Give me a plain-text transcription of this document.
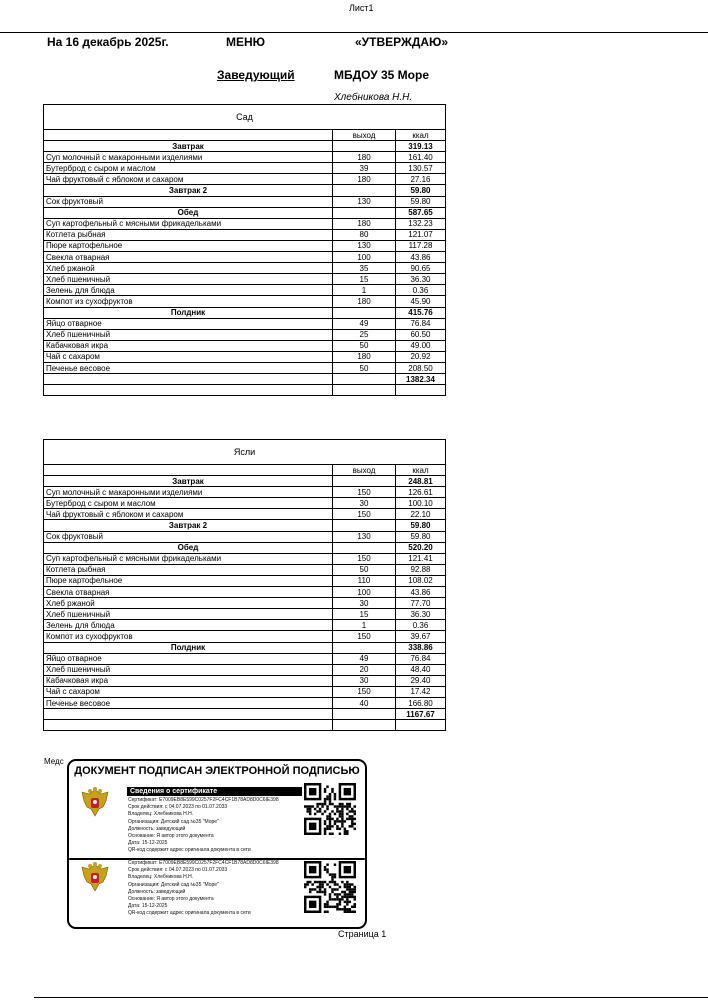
Лист1
На 16 декабрь 2025г.	МЕНЮ	«УТВЕРЖДАЮ»
Заведующий	МБДОУ 35 Море
Хлебникова Н.Н.
Сад		
	выход	ккал
Завтрак		319.13
Суп молочный с макаронными изделиями	180	161.40
Бутерброд с сыром и маслом	39	130.57
Чай фруктовый с яблоком и сахаром	180	27.16
Завтрак 2		59.80
Сок фруктовый	130	59.80
Обед		587.65
Суп картофельный с мясными фрикадельками	180	132.23
Котлета рыбная	80	121.07
Пюре картофельное	130	117.28
Свекла отварная	100	43.86
Хлеб ржаной	35	90.65
Хлеб пшеничный	15	36.30
Зелень для блюда	1	0.36
Компот из сухофруктов	180	45.90
Полдник		415.76
Яйцо отварное	49	76.84
Хлеб пшеничный	25	60.50
Кабачковая икра	50	49.00
Чай с сахаром	180	20.92
Печенье весовое	50	208.50
		1382.34

Ясли		
	выход	ккал
Завтрак		248.81
Суп молочный с макаронными изделиями	150	126.61
Бутерброд с сыром и маслом	30	100.10
Чай фруктовый с яблоком и сахаром	150	22.10
Завтрак 2		59.80
Сок фруктовый	130	59.80
Обед		520.20
Суп картофельный с мясными фрикадельками	150	121.41
Котлета рыбная	50	92.88
Пюре картофельное	110	108.02
Свекла отварная	100	43.86
Хлеб ржаной	30	77.70
Хлеб пшеничный	15	36.30
Зелень для блюда	1	0.36
Компот из сухофруктов	150	39.67
Полдник		338.86
Яйцо отварное	49	76.84
Хлеб пшеничный	20	48.40
Кабачковая икра	30	29.40
Чай с сахаром	150	17.42
Печенье весовое	40	166.80
		1167.67

Медс
ДОКУМЕНТ ПОДПИСАН ЭЛЕКТРОННОЙ ПОДПИСЬЮ
Сведения о сертификате
Сертификат: E7009EB8E599C0257F2FC4CF1B78AD8D0C6IE398
Срок действия: с 04.07.2023 по 01.07.2033
Владелец: Хлебникова Н.Н.
Организация: Детский сад №35 "Море"
Должность: заведующий
Основание: Я автор этого документа
Дата: 15-12-2025
QR-код содержит адрес оригинала документа в сети
Сертификат: E7009EB8E599C0257F2FC4CF1B78AD8D0C6IE398
Срок действия: с 04.07.2023 по 01.07.2033
Владелец: Хлебникова Н.Н.
Организация: Детский сад №35 "Море"
Должность: заведующий
Основание: Я автор этого документа
Дата: 15-12-2025
QR-код содержит адрес оригинала документа в сети
Страница 1
